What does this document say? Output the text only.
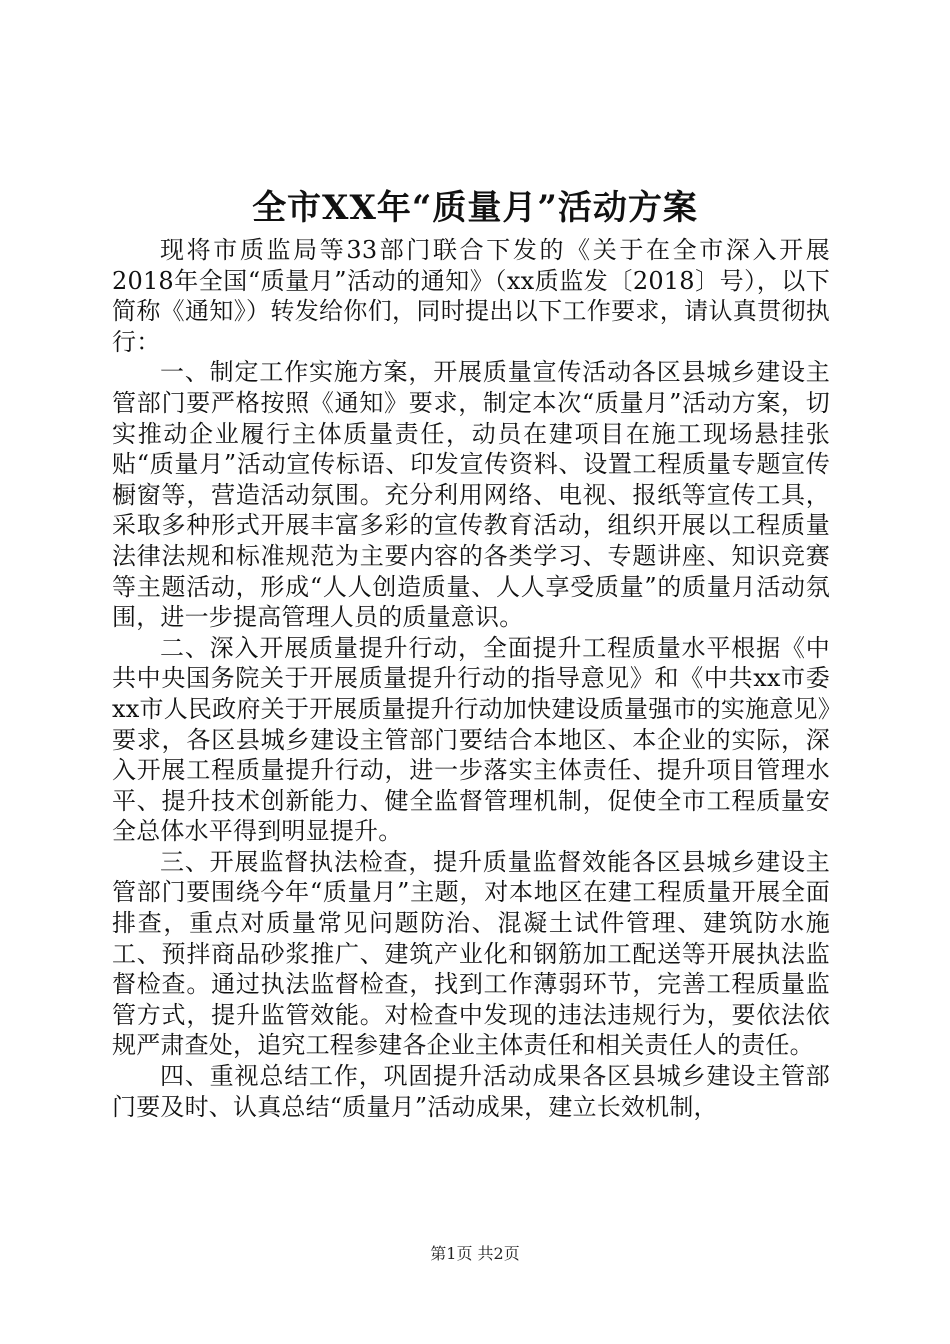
全市XX年“质量月”活动方案

现将市质监局等33部门联合下发的《关于在全市深入开展2018年全国“质量月”活动的通知》（xx质监发〔2018〕号），以下简称《通知》）转发给你们，同时提出以下工作要求，请认真贯彻执行：

一、制定工作实施方案，开展质量宣传活动各区县城乡建设主管部门要严格按照《通知》要求，制定本次“质量月”活动方案，切实推动企业履行主体质量责任，动员在建项目在施工现场悬挂张贴“质量月”活动宣传标语、印发宣传资料、设置工程质量专题宣传橱窗等，营造活动氛围。充分利用网络、电视、报纸等宣传工具，采取多种形式开展丰富多彩的宣传教育活动，组织开展以工程质量法律法规和标准规范为主要内容的各类学习、专题讲座、知识竞赛等主题活动，形成“人人创造质量、人人享受质量”的质量月活动氛围，进一步提高管理人员的质量意识。

二、深入开展质量提升行动，全面提升工程质量水平根据《中共中央国务院关于开展质量提升行动的指导意见》和《中共xx市委xx市人民政府关于开展质量提升行动加快建设质量强市的实施意见》要求，各区县城乡建设主管部门要结合本地区、本企业的实际，深入开展工程质量提升行动，进一步落实主体责任、提升项目管理水平、提升技术创新能力、健全监督管理机制，促使全市工程质量安全总体水平得到明显提升。

三、开展监督执法检查，提升质量监督效能各区县城乡建设主管部门要围绕今年“质量月”主题，对本地区在建工程质量开展全面排查，重点对质量常见问题防治、混凝土试件管理、建筑防水施工、预拌商品砂浆推广、建筑产业化和钢筋加工配送等开展执法监督检查。通过执法监督检查，找到工作薄弱环节，完善工程质量监管方式，提升监管效能。对检查中发现的违法违规行为，要依法依规严肃查处，追究工程参建各企业主体责任和相关责任人的责任。

四、重视总结工作，巩固提升活动成果各区县城乡建设主管部门要及时、认真总结“质量月”活动成果，建立长效机制，

第1页 共2页
